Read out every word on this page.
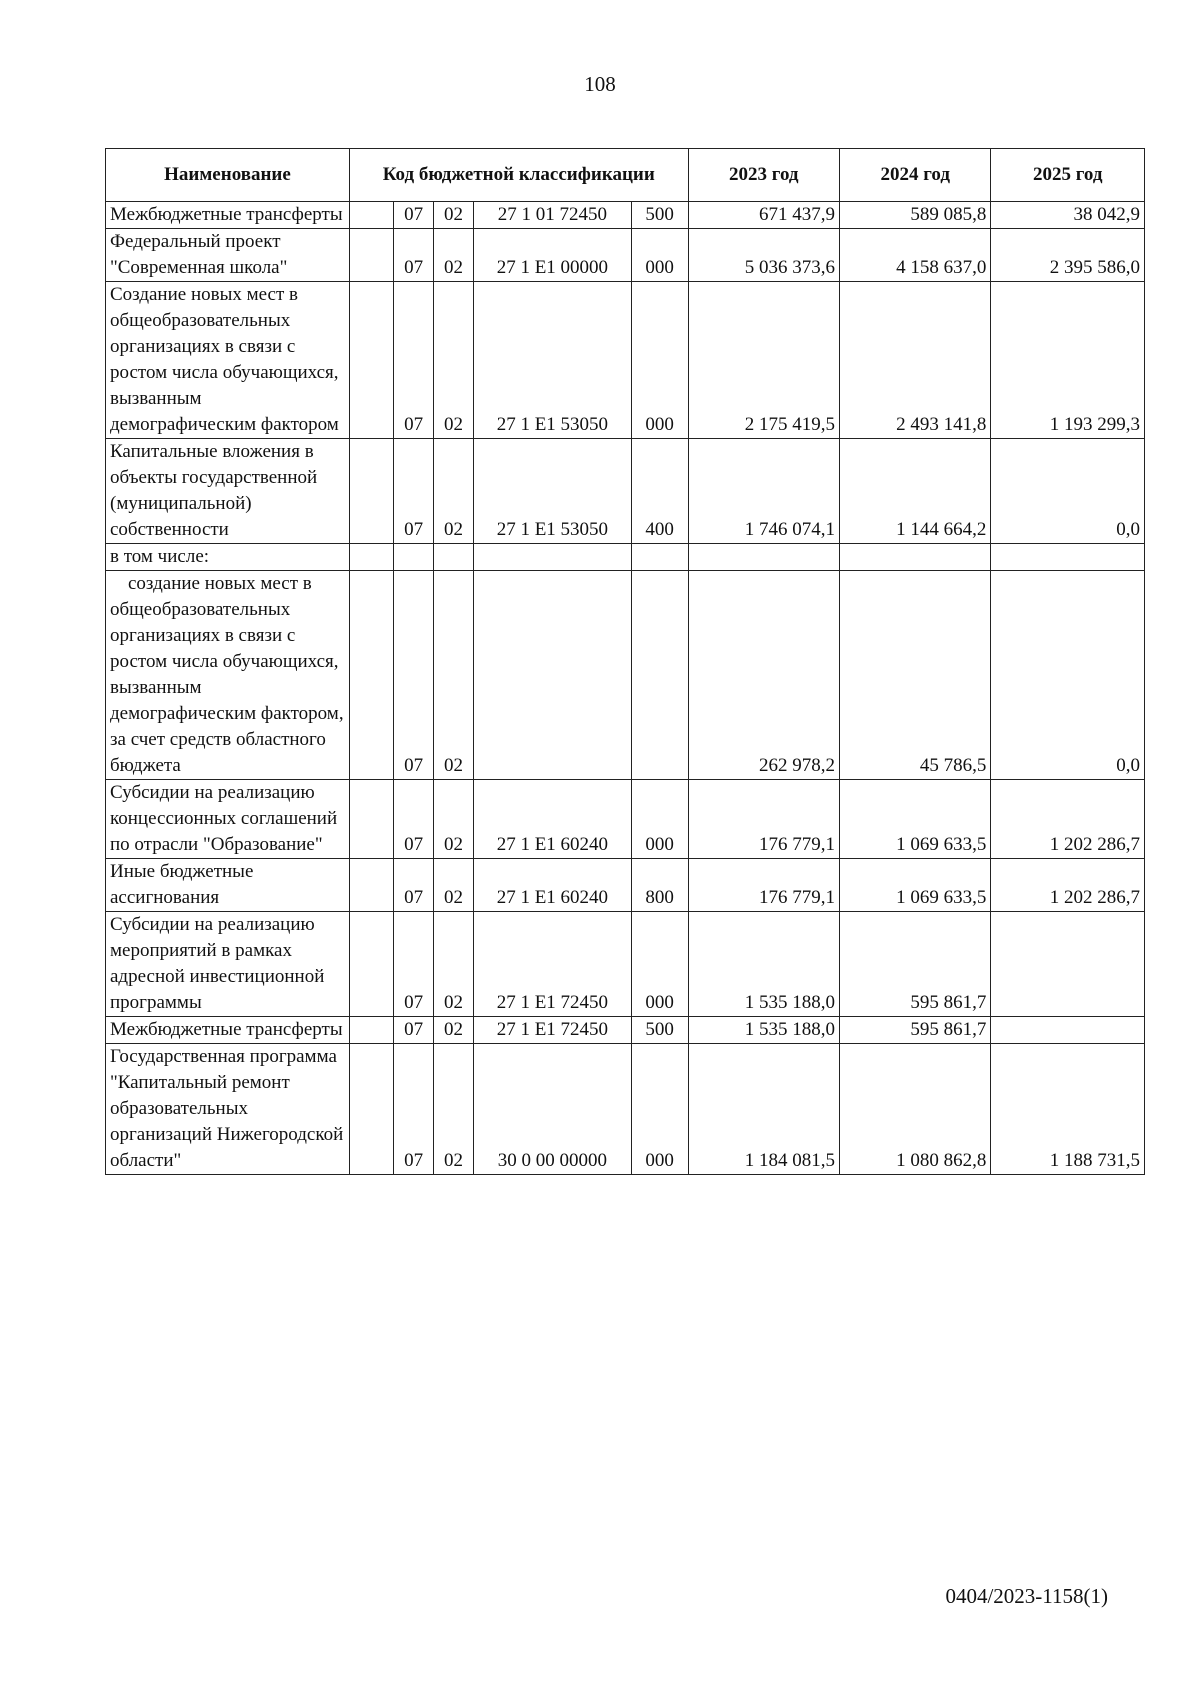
108
Наименование	Код бюджетной классификации					2023 год	2024 год	2025 год
Межбюджетные трансферты		07	02	27 1 01 72450	500	671 437,9	589 085,8	38 042,9
Федеральный проект "Современная школа"		07	02	27 1 E1 00000	000	5 036 373,6	4 158 637,0	2 395 586,0
Создание новых мест в общеобразовательных организациях в связи с ростом числа обучающихся, вызванным демографическим фактором		07	02	27 1 E1 53050	000	2 175 419,5	2 493 141,8	1 193 299,3
Капитальные вложения в объекты государственной (муниципальной) собственности		07	02	27 1 E1 53050	400	1 746 074,1	1 144 664,2	0,0
в том числе:								
создание новых мест в общеобразовательных организациях в связи с ростом числа обучающихся, вызванным демографическим фактором, за счет средств областного бюджета		07	02			262 978,2	45 786,5	0,0
Субсидии на реализацию концессионных соглашений по отрасли "Образование"		07	02	27 1 E1 60240	000	176 779,1	1 069 633,5	1 202 286,7
Иные бюджетные ассигнования		07	02	27 1 E1 60240	800	176 779,1	1 069 633,5	1 202 286,7
Субсидии на реализацию мероприятий в рамках адресной инвестиционной программы		07	02	27 1 E1 72450	000	1 535 188,0	595 861,7	
Межбюджетные трансферты		07	02	27 1 E1 72450	500	1 535 188,0	595 861,7	
Государственная программа "Капитальный ремонт образовательных организаций Нижегородской области"		07	02	30 0 00 00000	000	1 184 081,5	1 080 862,8	1 188 731,5
0404/2023-1158(1)
